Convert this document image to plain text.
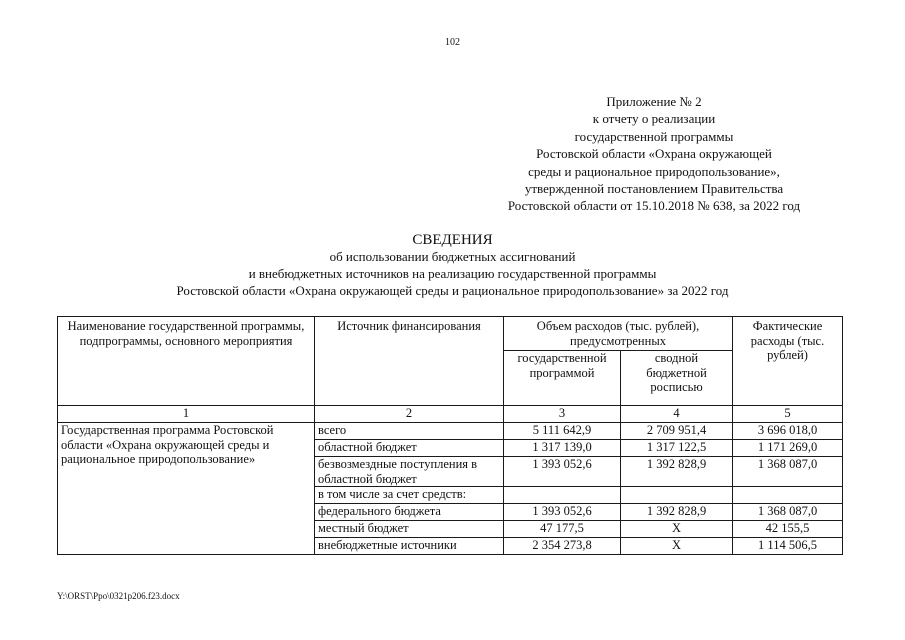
102
Приложение № 2
к отчету о реализации
государственной программы
Ростовской области «Охрана окружающей
среды и рациональное природопользование»,
утвержденной постановлением Правительства
Ростовской области от 15.10.2018 № 638, за 2022 год
СВЕДЕНИЯ
об использовании бюджетных ассигнований
и внебюджетных источников на реализацию государственной программы
Ростовской области «Охрана окружающей среды и рациональное природопользование» за 2022 год
Наименование государственной программы, подпрограммы, основного мероприятия	Источник финансирования	Объем расходов (тыс. рублей), предусмотренных		Фактические расходы (тыс. рублей)
		государственной программой	сводной бюджетной росписью	
1	2	3	4	5
Государственная программа Ростовской области «Охрана окружающей среды и рациональное природопользование»	всего	5 111 642,9	2 709 951,4	3 696 018,0
	областной бюджет	1 317 139,0	1 317 122,5	1 171 269,0
	безвозмездные поступления в областной бюджет	1 393 052,6	1 392 828,9	1 368 087,0
	в том числе за счет средств:			
	федерального бюджета	1 393 052,6	1 392 828,9	1 368 087,0
	местный бюджет	47 177,5	Х	42 155,5
	внебюджетные источники	2 354 273,8	Х	1 114 506,5
Y:\ORST\Ppo\0321p206.f23.docx
